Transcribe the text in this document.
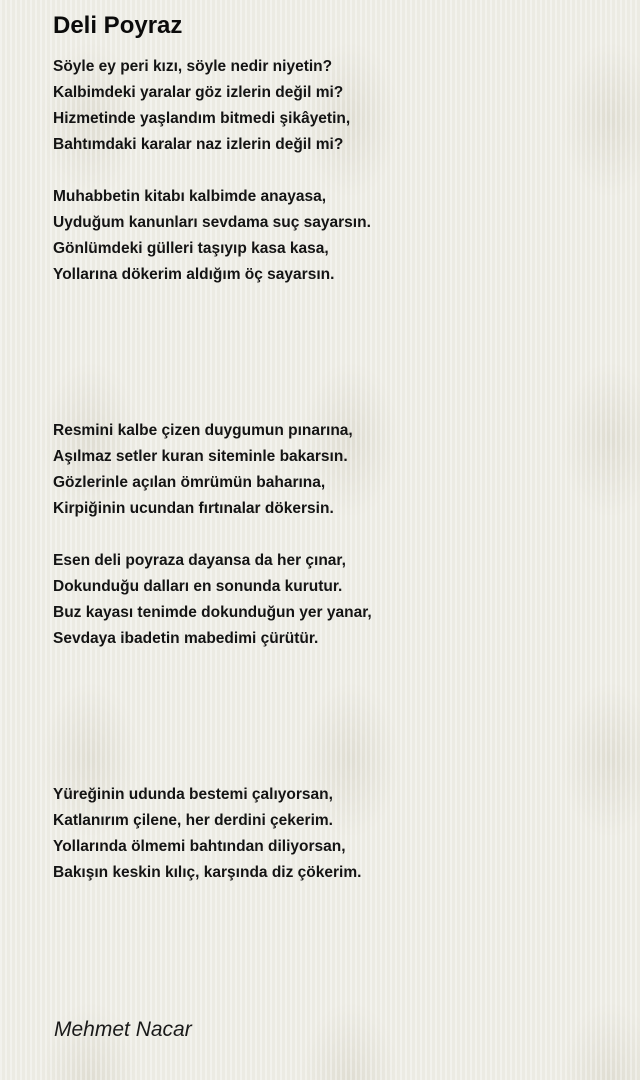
Deli Poyraz
Söyle ey peri kızı, söyle nedir niyetin?
Kalbimdeki yaralar göz izlerin değil mi?
Hizmetinde yaşlandım bitmedi şikâyetin,
Bahtımdaki karalar naz izlerin değil mi?
Muhabbetin kitabı kalbimde anayasa,
Uyduğum kanunları sevdama suç sayarsın.
Gönlümdeki gülleri taşıyıp kasa kasa,
Yollarına dökerim aldığım öç sayarsın.
Resmini kalbe çizen duygumun pınarına,
Aşılmaz setler kuran siteminle bakarsın.
Gözlerinle açılan ömrümün baharına,
Kirpiğinin ucundan fırtınalar dökersin.
Esen deli poyraza dayansa da her çınar,
Dokunduğu dalları en sonunda kurutur.
Buz kayası tenimde dokunduğun yer yanar,
Sevdaya ibadetin mabedimi çürütür.
Yüreğinin udunda bestemi çalıyorsan,
Katlanırım çilene, her derdini çekerim.
Yollarında ölmemi bahtından diliyorsan,
Bakışın keskin kılıç, karşında diz çökerim.
Mehmet Nacar
